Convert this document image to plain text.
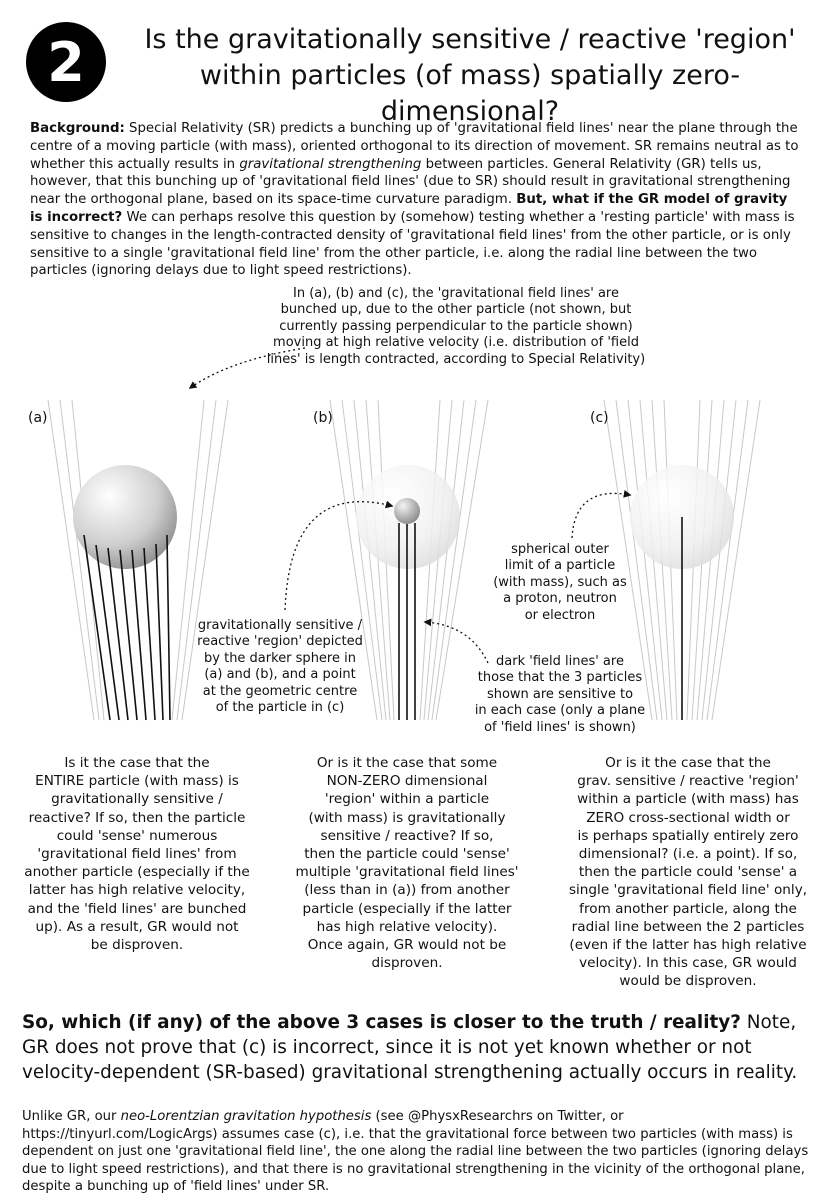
2	Is the gravitationally sensitive / reactive 'region'
within particles (of mass) spatially zero-dimensional?
Background: Special Relativity (SR) predicts a bunching up of 'gravitational field lines' near the plane through the centre of a moving particle (with mass), oriented orthogonal to its direction of movement. SR remains neutral as to whether this actually results in gravitational strengthening between particles. General Relativity (GR) tells us, however, that this bunching up of 'gravitational field lines' (due to SR) should result in gravitational strengthening near the orthogonal plane, based on its space-time curvature paradigm. But, what if the GR model of gravity is incorrect? We can perhaps resolve this question by (somehow) testing whether a 'resting particle' with mass is sensitive to changes in the length-contracted density of 'gravitational field lines' from the other particle, or is only sensitive to a single 'gravitational field line' from the other particle, i.e. along the radial line between the two particles (ignoring delays due to light speed restrictions).
(a)	(b)	(c)
In (a), (b) and (c), the 'gravitational field lines' are
bunched up, due to the other particle (not shown, but
currently passing perpendicular to the particle shown)
moving at high relative velocity (i.e. distribution of 'field
lines' is length contracted, according to Special Relativity)
gravitationally sensitive /
reactive 'region' depicted
by the darker sphere in
(a) and (b), and a point
at the geometric centre
of the particle in (c)
spherical outer
limit of a particle
(with mass), such as
a proton, neutron
or electron
dark 'field lines' are
those that the 3 particles
shown are sensitive to
in each case (only a plane
of 'field lines' is shown)
Is it the case that the
ENTIRE particle (with mass) is
gravitationally sensitive /
reactive? If so, then the particle
could 'sense' numerous
'gravitational field lines' from
another particle (especially if the
latter has high relative velocity,
and the 'field lines' are bunched
up). As a result, GR would not
be disproven.
Or is it the case that some
NON-ZERO dimensional
'region' within a particle
(with mass) is gravitationally
sensitive / reactive? If so,
then the particle could 'sense'
multiple 'gravitational field lines'
(less than in (a)) from another
particle (especially if the latter
has high relative velocity).
Once again, GR would not be
disproven.
Or is it the case that the
grav. sensitive / reactive 'region'
within a particle (with mass) has
ZERO cross-sectional width or
is perhaps spatially entirely zero
dimensional? (i.e. a point). If so,
then the particle could 'sense' a
single 'gravitational field line' only,
from another particle, along the
radial line between the 2 particles
(even if the latter has high relative
velocity). In this case, GR would
would be disproven.
So, which (if any) of the above 3 cases is closer to the truth / reality? Note, GR does not prove that (c) is incorrect, since it is not yet known whether or not velocity-dependent (SR-based) gravitational strengthening actually occurs in reality.
Unlike GR, our neo-Lorentzian gravitation hypothesis (see @PhysxResearchrs on Twitter, or https://tinyurl.com/LogicArgs) assumes case (c), i.e. that the gravitational force between two particles (with mass) is dependent on just one 'gravitational field line', the one along the radial line between the two particles (ignoring delays due to light speed restrictions), and that there is no gravitational strengthening in the vicinity of the orthogonal plane, despite a bunching up of 'field lines' under SR.
